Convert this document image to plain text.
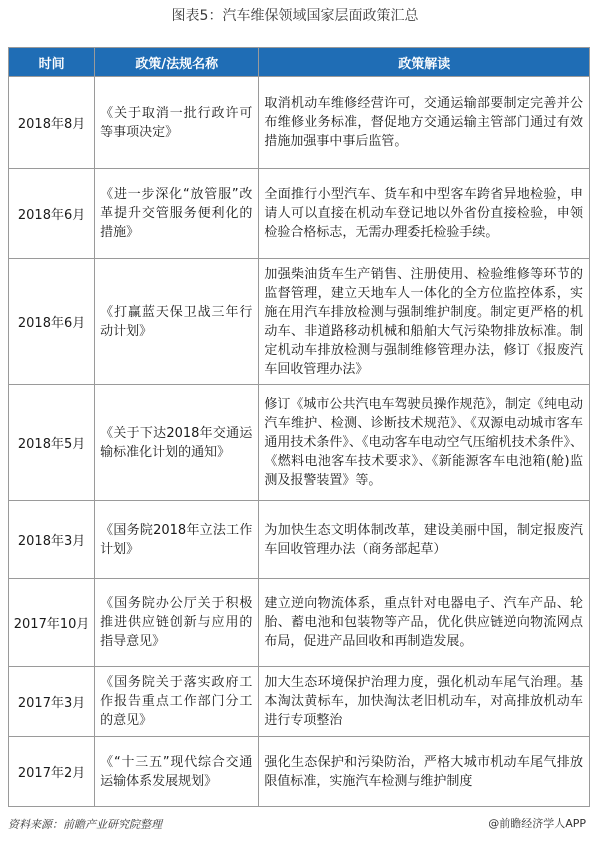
图表5：汽车维保领域国家层面政策汇总
时间	政策/法规名称	政策解读
2018年8月	《关于取消一批行政许可等事项决定》	取消机动车维修经营许可，交通运输部要制定完善并公布维修业务标准，督促地方交通运输主管部门通过有效措施加强事中事后监管。
2018年6月	《进一步深化“放管服”改革提升交管服务便利化的措施》	全面推行小型汽车、货车和中型客车跨省异地检验，申请人可以直接在机动车登记地以外省份直接检验，申领检验合格标志，无需办理委托检验手续。
2018年6月	《打赢蓝天保卫战三年行动计划》	加强柴油货车生产销售、注册使用、检验维修等环节的监督管理，建立天地车人一体化的全方位监控体系，实施在用汽车排放检测与强制维护制度。制定更严格的机动车、非道路移动机械和船舶大气污染物排放标准。制定机动车排放检测与强制维修管理办法，修订《报废汽车回收管理办法》
2018年5月	《关于下达2018年交通运输标准化计划的通知》	修订《城市公共汽电车驾驶员操作规范》，制定《纯电动汽车维护、检测、诊断技术规范》、《双源电动城市客车通用技术条件》、《电动客车电动空气压缩机技术条件》、《燃料电池客车技术要求》、《新能源客车电池箱(舱)监测及报警装置》等。
2018年3月	《国务院2018年立法工作计划》	为加快生态文明体制改革，建设美丽中国，制定报废汽车回收管理办法（商务部起草）
2017年10月	《国务院办公厅关于积极推进供应链创新与应用的指导意见》	建立逆向物流体系，重点针对电器电子、汽车产品、轮胎、蓄电池和包装物等产品，优化供应链逆向物流网点布局，促进产品回收和再制造发展。
2017年3月	《国务院关于落实政府工作报告重点工作部门分工的意见》	加大生态环境保护治理力度，强化机动车尾气治理。基本淘汰黄标车，加快淘汰老旧机动车，对高排放机动车进行专项整治
2017年2月	《“十三五”现代综合交通运输体系发展规划》	强化生态保护和污染防治，严格大城市机动车尾气排放限值标准，实施汽车检测与维护制度
资料来源：前瞻产业研究院整理	@前瞻经济学人APP
